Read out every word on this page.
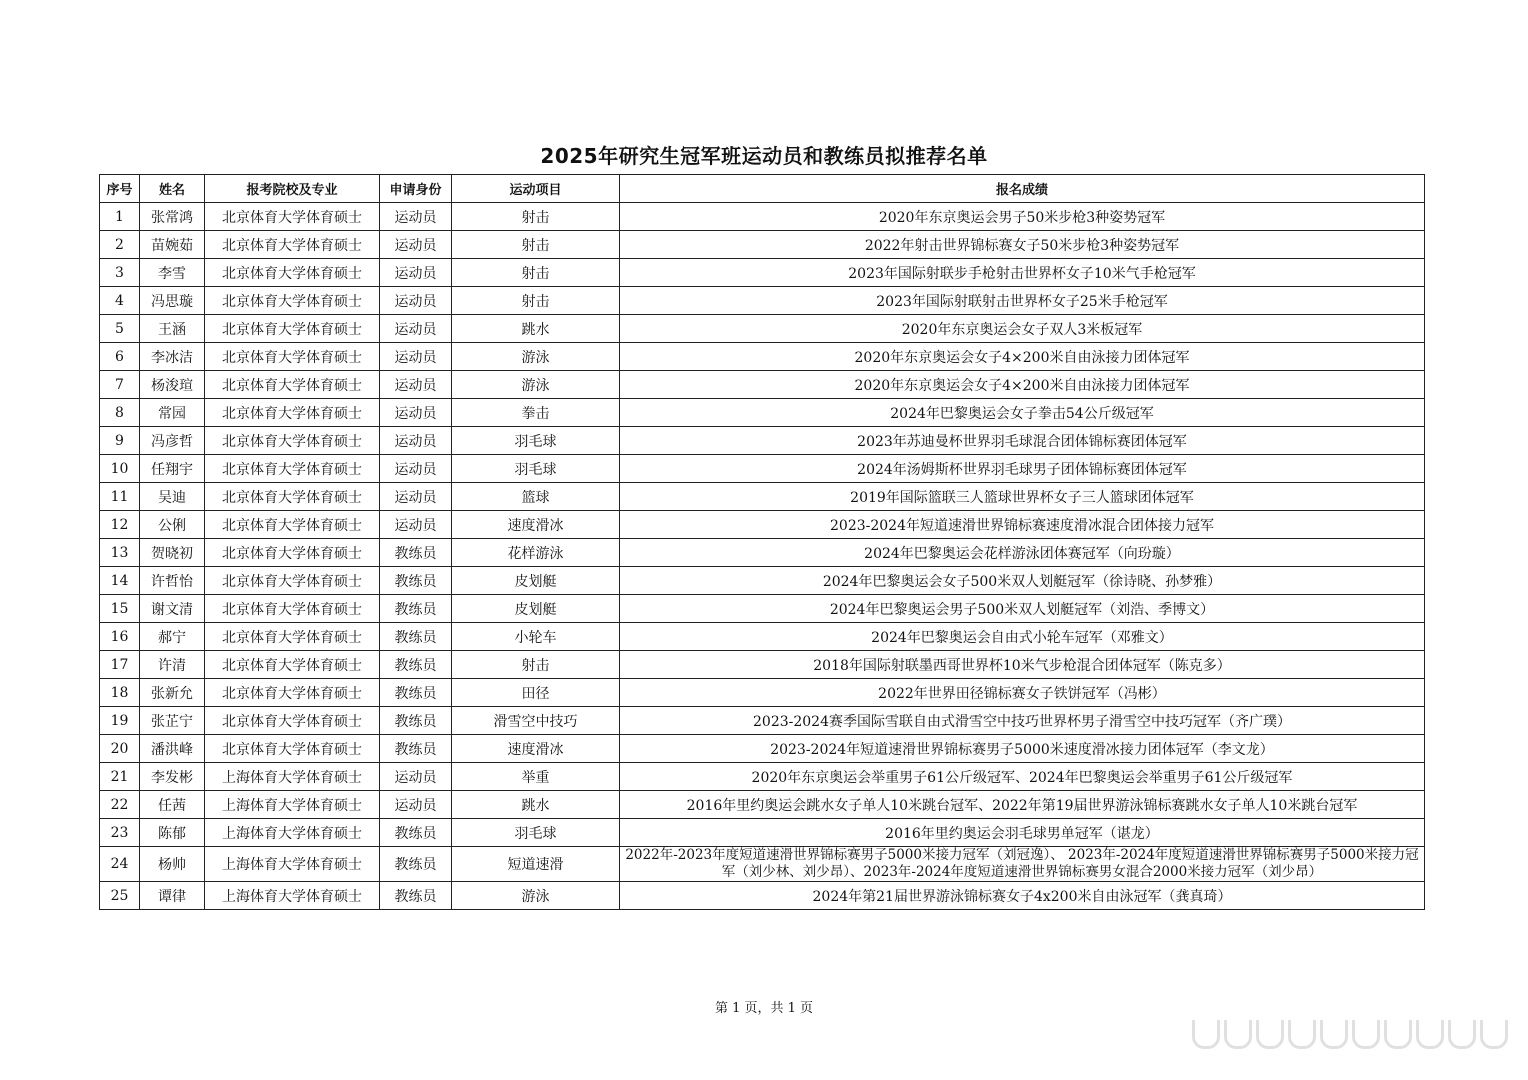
2025年研究生冠军班运动员和教练员拟推荐名单
序号	姓名	报考院校及专业	申请身份	运动项目	报名成绩
1	张常鸿	北京体育大学体育硕士	运动员	射击	2020年东京奥运会男子50米步枪3种姿势冠军
2	苗婉茹	北京体育大学体育硕士	运动员	射击	2022年射击世界锦标赛女子50米步枪3种姿势冠军
3	李雪	北京体育大学体育硕士	运动员	射击	2023年国际射联步手枪射击世界杯女子10米气手枪冠军
4	冯思璇	北京体育大学体育硕士	运动员	射击	2023年国际射联射击世界杯女子25米手枪冠军
5	王涵	北京体育大学体育硕士	运动员	跳水	2020年东京奥运会女子双人3米板冠军
6	李冰洁	北京体育大学体育硕士	运动员	游泳	2020年东京奥运会女子4×200米自由泳接力团体冠军
7	杨浚瑄	北京体育大学体育硕士	运动员	游泳	2020年东京奥运会女子4×200米自由泳接力团体冠军
8	常园	北京体育大学体育硕士	运动员	拳击	2024年巴黎奥运会女子拳击54公斤级冠军
9	冯彦哲	北京体育大学体育硕士	运动员	羽毛球	2023年苏迪曼杯世界羽毛球混合团体锦标赛团体冠军
10	任翔宇	北京体育大学体育硕士	运动员	羽毛球	2024年汤姆斯杯世界羽毛球男子团体锦标赛团体冠军
11	吴迪	北京体育大学体育硕士	运动员	篮球	2019年国际篮联三人篮球世界杯女子三人篮球团体冠军
12	公俐	北京体育大学体育硕士	运动员	速度滑冰	2023-2024年短道速滑世界锦标赛速度滑冰混合团体接力冠军
13	贺晓初	北京体育大学体育硕士	教练员	花样游泳	2024年巴黎奥运会花样游泳团体赛冠军（向玢璇）
14	许哲怡	北京体育大学体育硕士	教练员	皮划艇	2024年巴黎奥运会女子500米双人划艇冠军（徐诗晓、孙梦雅）
15	谢文清	北京体育大学体育硕士	教练员	皮划艇	2024年巴黎奥运会男子500米双人划艇冠军（刘浩、季博文）
16	郝宁	北京体育大学体育硕士	教练员	小轮车	2024年巴黎奥运会自由式小轮车冠军（邓雅文）
17	许清	北京体育大学体育硕士	教练员	射击	2018年国际射联墨西哥世界杯10米气步枪混合团体冠军（陈克多）
18	张新允	北京体育大学体育硕士	教练员	田径	2022年世界田径锦标赛女子铁饼冠军（冯彬）
19	张芷宁	北京体育大学体育硕士	教练员	滑雪空中技巧	2023-2024赛季国际雪联自由式滑雪空中技巧世界杯男子滑雪空中技巧冠军（齐广璞）
20	潘洪峰	北京体育大学体育硕士	教练员	速度滑冰	2023-2024年短道速滑世界锦标赛男子5000米速度滑冰接力团体冠军（李文龙）
21	李发彬	上海体育大学体育硕士	运动员	举重	2020年东京奥运会举重男子61公斤级冠军、2024年巴黎奥运会举重男子61公斤级冠军
22	任茜	上海体育大学体育硕士	运动员	跳水	2016年里约奥运会跳水女子单人10米跳台冠军、2022年第19届世界游泳锦标赛跳水女子单人10米跳台冠军
23	陈郁	上海体育大学体育硕士	教练员	羽毛球	2016年里约奥运会羽毛球男单冠军（谌龙）
24	杨帅	上海体育大学体育硕士	教练员	短道速滑	2022年-2023年度短道速滑世界锦标赛男子5000米接力冠军（刘冠逸）、 2023年-2024年度短道速滑世界锦标赛男子5000米接力冠军（刘少林、刘少昂）、2023年-2024年度短道速滑世界锦标赛男女混合2000米接力冠军（刘少昂）
25	谭律	上海体育大学体育硕士	教练员	游泳	2024年第21届世界游泳锦标赛女子4x200米自由泳冠军（龚真琦）
第 1 页，共 1 页
